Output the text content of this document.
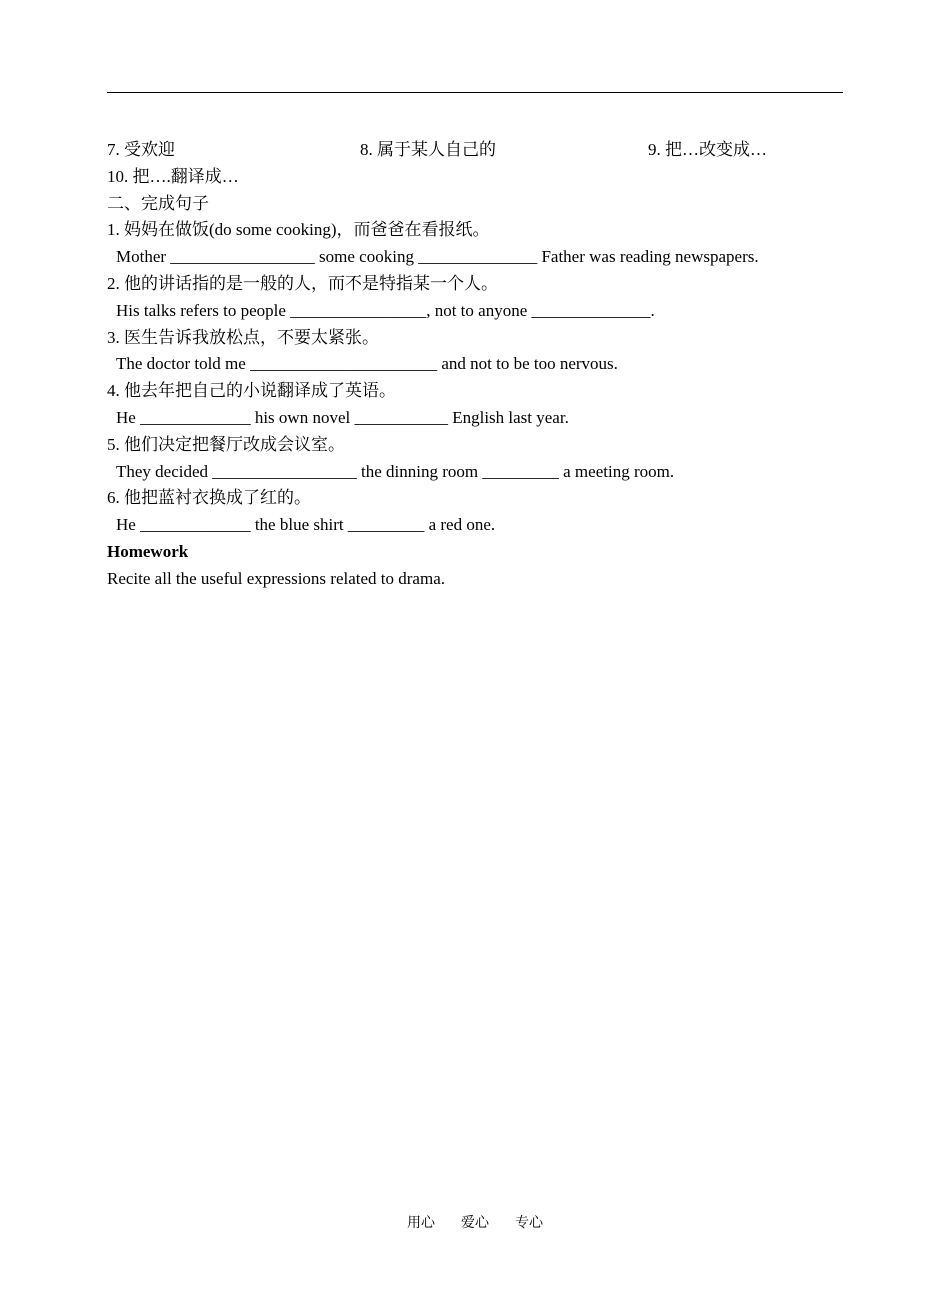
7. 受欢迎	8. 属于某人自己的	9. 把…改变成…
10. 把….翻译成…
二、完成句子
1. 妈妈在做饭(do some cooking)，而爸爸在看报纸。
Mother _________________ some cooking ______________ Father was reading newspapers.
2. 他的讲话指的是一般的人，而不是特指某一个人。
His talks refers to people ________________, not to anyone ______________.
3. 医生告诉我放松点，不要太紧张。
The doctor told me ______________________ and not to be too nervous.
4. 他去年把自己的小说翻译成了英语。
He _____________ his own novel ___________ English last year.
5. 他们决定把餐厅改成会议室。
They decided _________________ the dinning room _________ a meeting room.
6. 他把蓝衬衣换成了红的。
He _____________ the blue shirt _________ a red one.
Homework
Recite all the useful expressions related to drama.
用心 爱心 专心
